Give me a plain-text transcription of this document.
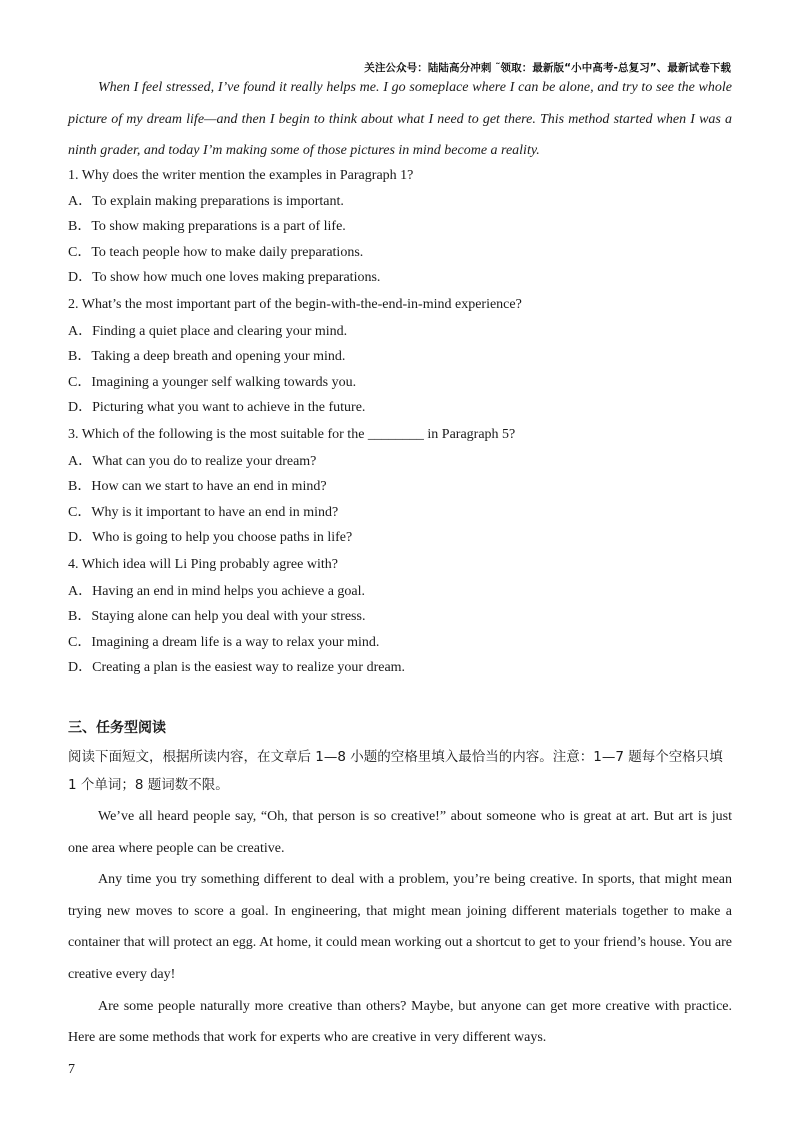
关注公众号：陆陆高分冲刺 ˜领取：最新版“小中高考-总复习”、最新试卷下载

When I feel stressed, I’ve found it really helps me. I go someplace where I can be alone, and try to see the whole picture of my dream life—and then I begin to think about what I need to get there. This method started when I was a ninth grader, and today I’m making some of those pictures in mind become a reality.

1. Why does the writer mention the examples in Paragraph 1?
A．To explain making preparations is important.
B．To show making preparations is a part of life.
C．To teach people how to make daily preparations.
D．To show how much one loves making preparations.
2. What’s the most important part of the begin-with-the-end-in-mind experience?
A．Finding a quiet place and clearing your mind.
B．Taking a deep breath and opening your mind.
C．Imagining a younger self walking towards you.
D．Picturing what you want to achieve in the future.
3. Which of the following is the most suitable for the ________ in Paragraph 5?
A．What can you do to realize your dream?
B．How can we start to have an end in mind?
C．Why is it important to have an end in mind?
D．Who is going to help you choose paths in life?
4. Which idea will Li Ping probably agree with?
A．Having an end in mind helps you achieve a goal.
B．Staying alone can help you deal with your stress.
C．Imagining a dream life is a way to relax your mind.
D．Creating a plan is the easiest way to realize your dream.
三、任务型阅读
阅读下面短文，根据所读内容，在文章后 1—8 小题的空格里填入最恰当的内容。注意：1—7 题每个空格只填 1 个单词；8 题词数不限。

We’ve all heard people say, “Oh, that person is so creative!” about someone who is great at art. But art is just one area where people can be creative.

Any time you try something different to deal with a problem, you’re being creative. In sports, that might mean trying new moves to score a goal. In engineering, that might mean joining different materials together to make a container that will protect an egg. At home, it could mean working out a shortcut to get to your friend’s house. You are creative every day!

Are some people naturally more creative than others? Maybe, but anyone can get more creative with practice. Here are some methods that work for experts who are creative in very different ways.

7
